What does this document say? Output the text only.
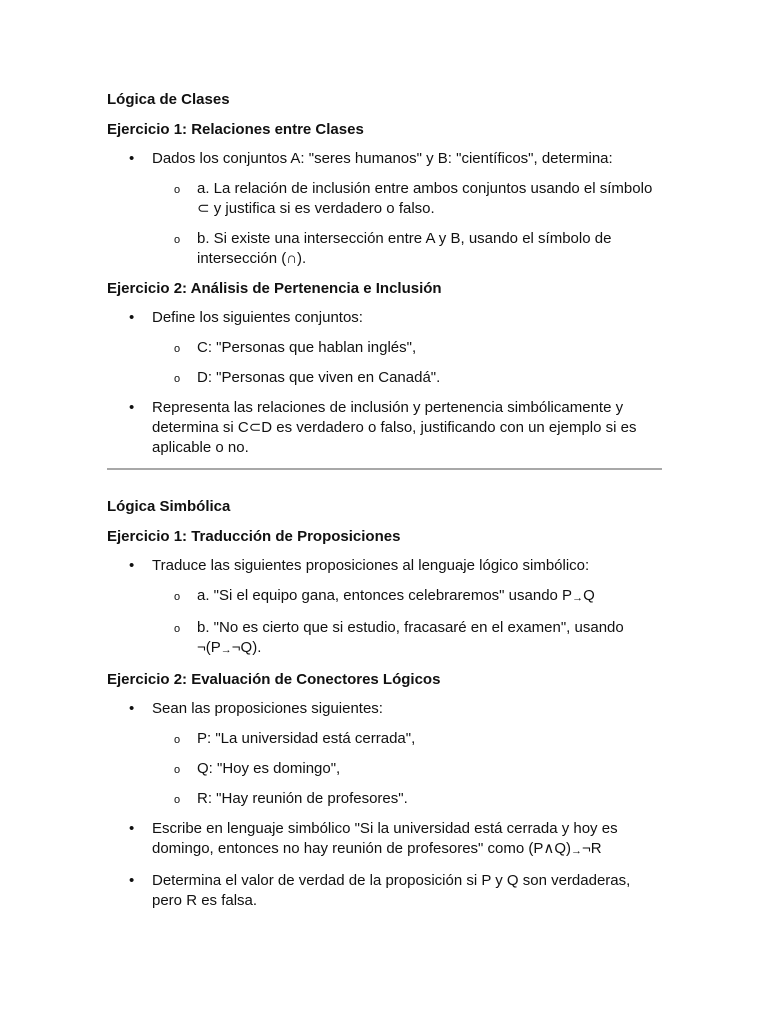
Lógica de Clases

Ejercicio 1: Relaciones entre Clases

• Dados los conjuntos A: "seres humanos" y B: "científicos", determina:
o a. La relación de inclusión entre ambos conjuntos usando el símbolo ⊂ y justifica si es verdadero o falso.
o b. Si existe una intersección entre A y B, usando el símbolo de intersección (∩).

Ejercicio 2: Análisis de Pertenencia e Inclusión

• Define los siguientes conjuntos:
o C: "Personas que hablan inglés",
o D: "Personas que viven en Canadá".
• Representa las relaciones de inclusión y pertenencia simbólicamente y determina si C⊂D es verdadero o falso, justificando con un ejemplo si es aplicable o no.

Lógica Simbólica

Ejercicio 1: Traducción de Proposiciones

• Traduce las siguientes proposiciones al lenguaje lógico simbólico:
o a. "Si el equipo gana, entonces celebraremos" usando P→Q
o b. "No es cierto que si estudio, fracasaré en el examen", usando ¬(P→¬Q).

Ejercicio 2: Evaluación de Conectores Lógicos

• Sean las proposiciones siguientes:
o P: "La universidad está cerrada",
o Q: "Hoy es domingo",
o R: "Hay reunión de profesores".
• Escribe en lenguaje simbólico "Si la universidad está cerrada y hoy es domingo, entonces no hay reunión de profesores" como (P∧Q)→¬R
• Determina el valor de verdad de la proposición si P y Q son verdaderas, pero R es falsa.
